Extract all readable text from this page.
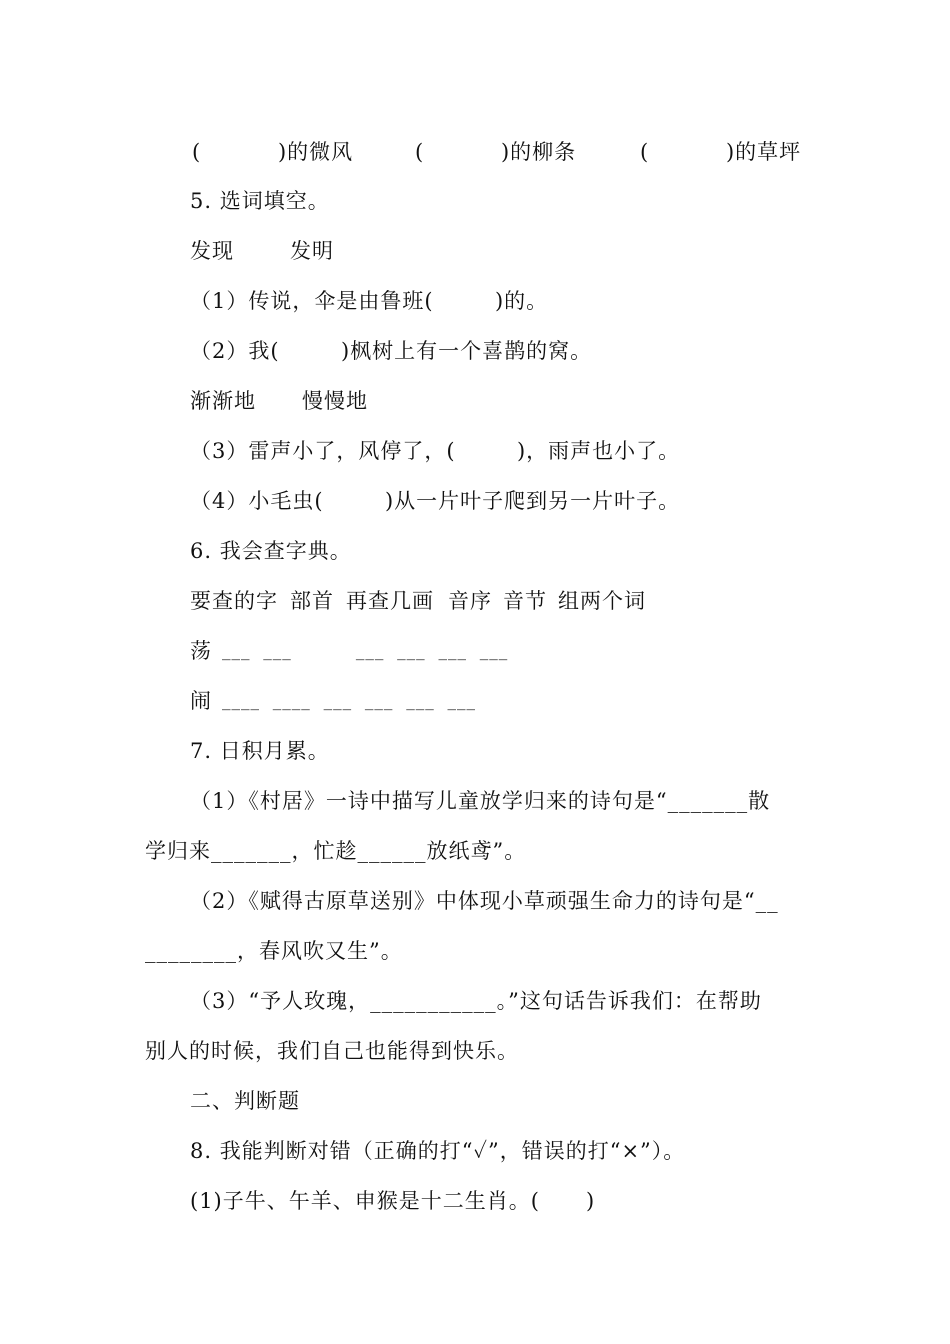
(          )的微风	(          )的柳条	(          )的草坪
5. 选词填空。
发现	发明
（1）传说，伞是由鲁班(        )的。
（2）我(        )枫树上有一个喜鹊的窝。
渐渐地 慢慢地
（3）雷声小了，风停了，(        )，雨声也小了。
（4）小毛虫(        )从一片叶子爬到另一片叶子。
6. 我会查字典。
要查的字 部首 再查几画 音序 音节 组两个词
荡 ___  ___          ___  ___  ___  ___
闹 ____  ____  ___  ___  ___  ___
7. 日积月累。
（1）《村居》一诗中描写儿童放学归来的诗句是“_______散
学归来_______，忙趁______放纸鸢”。
（2）《赋得古原草送别》中体现小草顽强生命力的诗句是“__
________，春风吹又生”。
（3）“予人玫瑰，___________。”这句话告诉我们：在帮助
别人的时候，我们自己也能得到快乐。
二、判断题
8. 我能判断对错（正确的打“✓”，错误的打“×”）。
(1)子牛、午羊、申猴是十二生肖。(      )
